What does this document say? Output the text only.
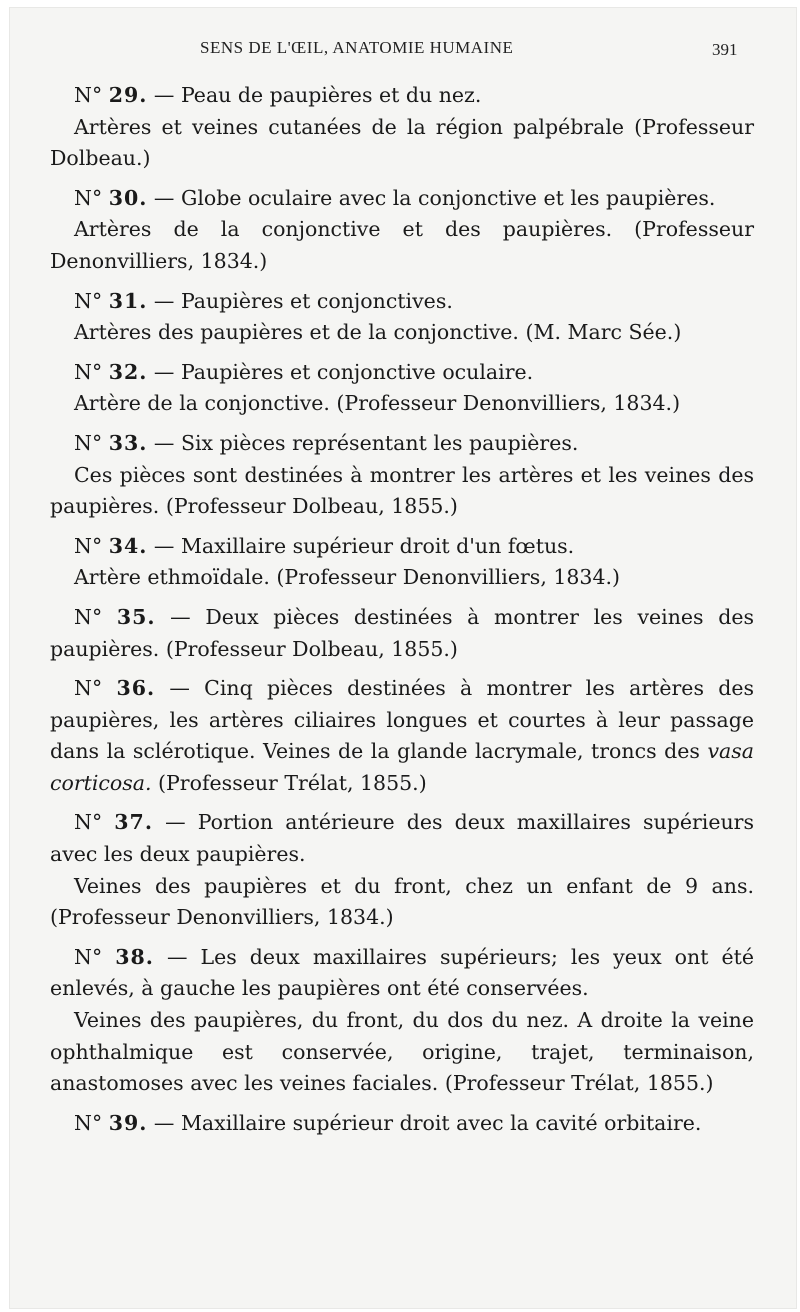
SENS DE L'ŒIL, ANATOMIE HUMAINE	391

N° 29. — Peau de paupières et du nez.

Artères et veines cutanées de la région palpébrale (Professeur Dolbeau.)

N° 30. — Globe oculaire avec la conjonctive et les paupières.

Artères de la conjonctive et des paupières. (Professeur Denonvilliers, 1834.)

N° 31. — Paupières et conjonctives.

Artères des paupières et de la conjonctive. (M. Marc Sée.)

N° 32. — Paupières et conjonctive oculaire.

Artère de la conjonctive. (Professeur Denonvilliers, 1834.)

N° 33. — Six pièces représentant les paupières.

Ces pièces sont destinées à montrer les artères et les veines des paupières. (Professeur Dolbeau, 1855.)

N° 34. — Maxillaire supérieur droit d'un fœtus.

Artère ethmoïdale. (Professeur Denonvilliers, 1834.)

N° 35. — Deux pièces destinées à montrer les veines des paupières. (Professeur Dolbeau, 1855.)

N° 36. — Cinq pièces destinées à montrer les artères des paupières, les artères ciliaires longues et courtes à leur passage dans la sclérotique. Veines de la glande lacrymale, troncs des vasa corticosa. (Professeur Trélat, 1855.)

N° 37. — Portion antérieure des deux maxillaires supérieurs avec les deux paupières.

Veines des paupières et du front, chez un enfant de 9 ans. (Professeur Denonvilliers, 1834.)

N° 38. — Les deux maxillaires supérieurs; les yeux ont été enlevés, à gauche les paupières ont été conservées.

Veines des paupières, du front, du dos du nez. A droite la veine ophthalmique est conservée, origine, trajet, terminaison, anastomoses avec les veines faciales. (Professeur Trélat, 1855.)

N° 39. — Maxillaire supérieur droit avec la cavité orbitaire.
